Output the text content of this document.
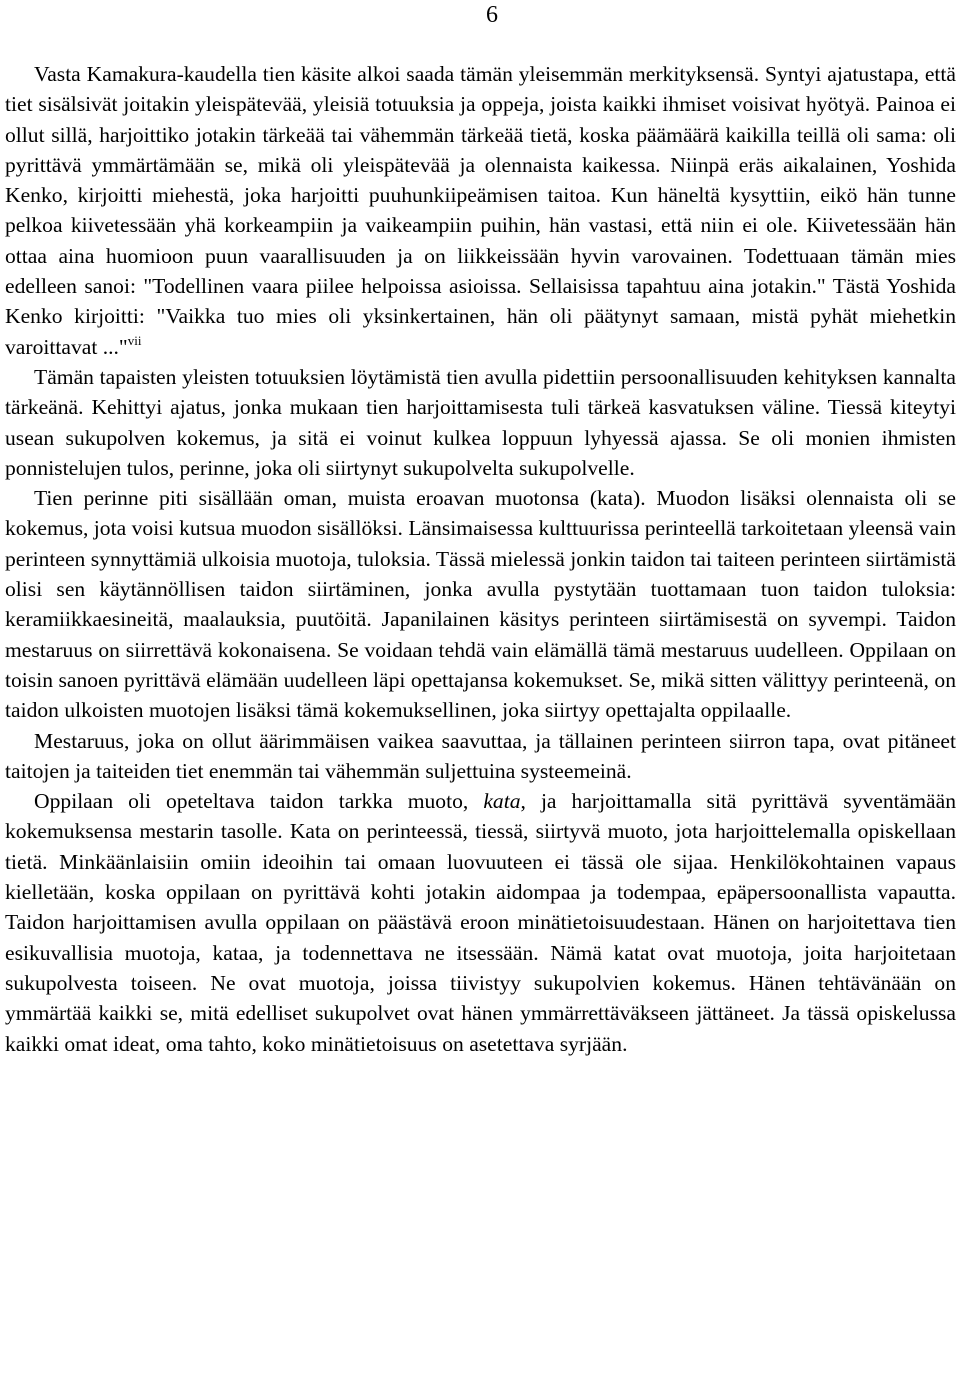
6

Vasta Kamakura-kaudella tien käsite alkoi saada tämän yleisemmän merkityksensä. Syntyi ajatustapa, että tiet sisälsivät joitakin yleispätevää, yleisiä totuuksia ja oppeja, joista kaikki ihmiset voisivat hyötyä. Painoa ei ollut sillä, harjoittiko jotakin tärkeää tai vähemmän tärkeää tietä, koska päämäärä kaikilla teillä oli sama: oli pyrittävä ymmärtämään se, mikä oli yleispätevää ja olennaista kaikessa. Niinpä eräs aikalainen, Yoshida Kenko, kirjoitti miehestä, joka harjoitti puuhunkiipeämisen taitoa. Kun häneltä kysyttiin, eikö hän tunne pelkoa kiivetessään yhä korkeampiin ja vaikeampiin puihin, hän vastasi, että niin ei ole. Kiivetessään hän ottaa aina huomioon puun vaarallisuuden ja on liikkeissään hyvin varovainen. Todettuaan tämän mies edelleen sanoi: "Todellinen vaara piilee helpoissa asioissa. Sellaisissa tapahtuu aina jotakin." Tästä Yoshida Kenko kirjoitti: "Vaikka tuo mies oli yksinkertainen, hän oli päätynyt samaan, mistä pyhät miehetkin varoittavat ..."$^{vii}$

Tämän tapaisten yleisten totuuksien löytämistä tien avulla pidettiin persoonallisuuden kehityksen kannalta tärkeänä. Kehittyi ajatus, jonka mukaan tien harjoittamisesta tuli tärkeä kasvatuksen väline. Tiessä kiteytyi usean sukupolven kokemus, ja sitä ei voinut kulkea loppuun lyhyessä ajassa. Se oli monien ihmisten ponnistelujen tulos, perinne, joka oli siirtynyt sukupolvelta sukupolvelle.

Tien perinne piti sisällään oman, muista eroavan muotonsa (kata). Muodon lisäksi olennaista oli se kokemus, jota voisi kutsua muodon sisällöksi. Länsimaisessa kulttuurissa perinteellä tarkoitetaan yleensä vain perinteen synnyttämiä ulkoisia muotoja, tuloksia. Tässä mielessä jonkin taidon tai taiteen perinteen siirtämistä olisi sen käytännöllisen taidon siirtäminen, jonka avulla pystytään tuottamaan tuon taidon tuloksia: keramiikkaesineitä, maalauksia, puutöitä. Japanilainen käsitys perinteen siirtämisestä on syvempi. Taidon mestaruus on siirrettävä kokonaisena. Se voidaan tehdä vain elämällä tämä mestaruus uudelleen. Oppilaan on toisin sanoen pyrittävä elämään uudelleen läpi opettajansa kokemukset. Se, mikä sitten välittyy perinteenä, on taidon ulkoisten muotojen lisäksi tämä kokemuksellinen, joka siirtyy opettajalta oppilaalle.

Mestaruus, joka on ollut äärimmäisen vaikea saavuttaa, ja tällainen perinteen siirron tapa, ovat pitäneet taitojen ja taiteiden tiet enemmän tai vähemmän suljettuina systeemeinä.

Oppilaan oli opeteltava taidon tarkka muoto, kata, ja harjoittamalla sitä pyrittävä syventämään kokemuksensa mestarin tasolle. Kata on perinteessä, tiessä, siirtyvä muoto, jota harjoittelemalla opiskellaan tietä. Minkäänlaisiin omiin ideoihin tai omaan luovuuteen ei tässä ole sijaa. Henkilökohtainen vapaus kielletään, koska oppilaan on pyrittävä kohti jotakin aidompaa ja todempaa, epäpersoonallista vapautta. Taidon harjoittamisen avulla oppilaan on päästävä eroon minätietoisuudestaan. Hänen on harjoitettava tien esikuvallisia muotoja, kataa, ja todennettava ne itsessään. Nämä katat ovat muotoja, joita harjoitetaan sukupolvesta toiseen. Ne ovat muotoja, joissa tiivistyy sukupolvien kokemus. Hänen tehtävänään on ymmärtää kaikki se, mitä edelliset sukupolvet ovat hänen ymmärrettäväkseen jättäneet. Ja tässä opiskelussa kaikki omat ideat, oma tahto, koko minätietoisuus on asetettava syrjään.
